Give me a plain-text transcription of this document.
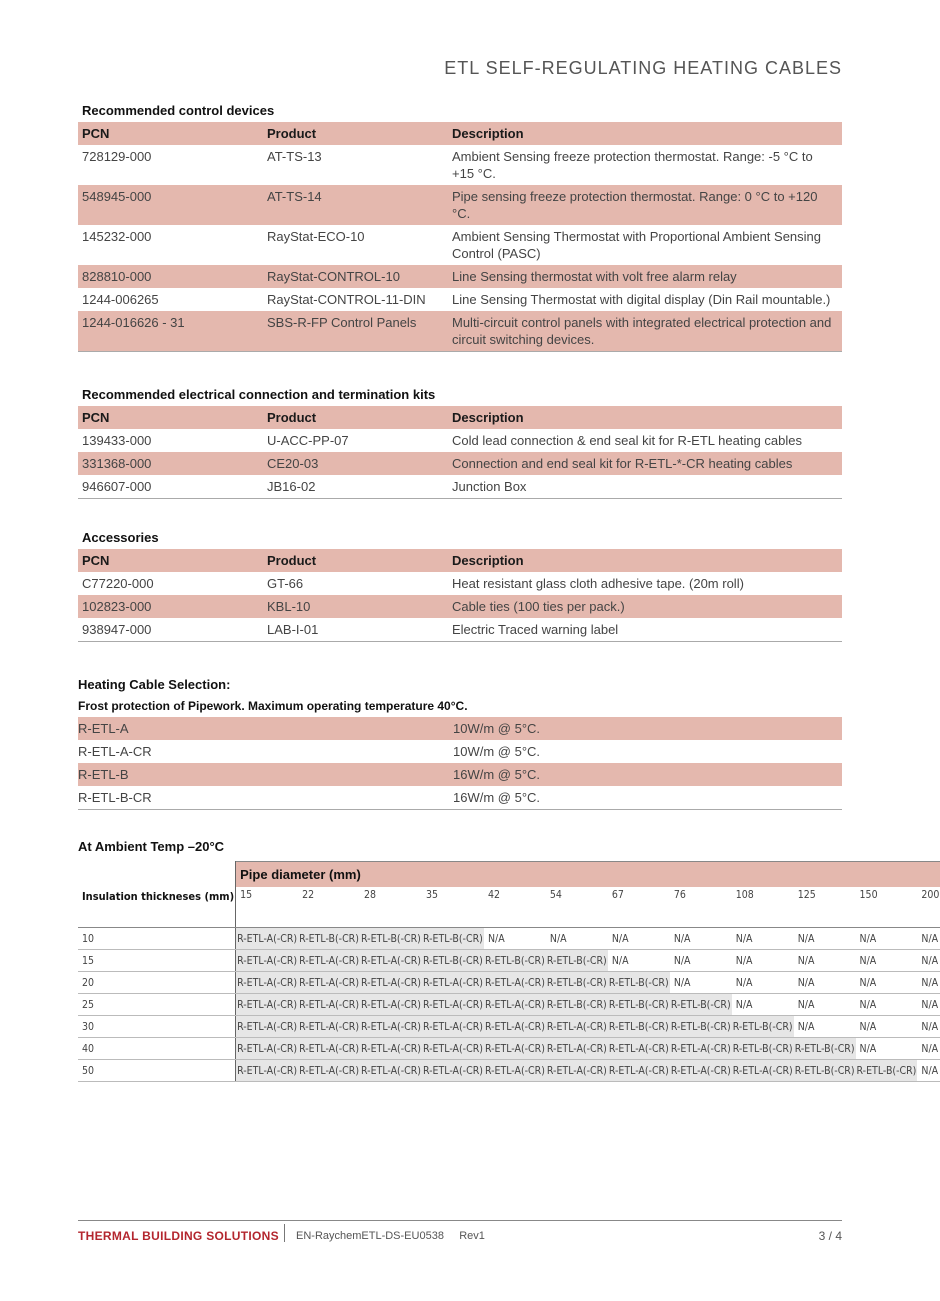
ETL SELF-REGULATING HEATING CABLES
Recommended control devices
PCN	Product	Description
728129-000	AT-TS-13	Ambient Sensing freeze protection thermostat. Range: -5 °C to +15 °C.
548945-000	AT-TS-14	Pipe sensing freeze protection thermostat. Range: 0 °C to +120 °C.
145232-000	RayStat-ECO-10	Ambient Sensing Thermostat with Proportional Ambient Sensing Control (PASC)
828810-000	RayStat-CONTROL-10	Line Sensing thermostat with volt free alarm relay
1244-006265	RayStat-CONTROL-11-DIN	Line Sensing Thermostat with digital display (Din Rail mountable.)
1244-016626 - 31	SBS-R-FP Control Panels	Multi-circuit control panels with integrated electrical protection and circuit switching devices.
Recommended electrical connection and termination kits
PCN	Product	Description
139433-000	U-ACC-PP-07	Cold lead connection & end seal kit for R-ETL heating cables
331368-000	CE20-03	Connection and end seal kit for R-ETL-*-CR heating cables
946607-000	JB16-02	Junction Box
Accessories
PCN	Product	Description
C77220-000	GT-66	Heat resistant glass cloth adhesive tape. (20m roll)
102823-000	KBL-10	Cable ties (100 ties per pack.)
938947-000	LAB-I-01	Electric Traced warning label
Heating Cable Selection:
Frost protection of Pipework. Maximum operating temperature 40°C.
R-ETL-A	10W/m @ 5°C.
R-ETL-A-CR	10W/m @ 5°C.
R-ETL-B	16W/m @ 5°C.
R-ETL-B-CR	16W/m @ 5°C.
At Ambient Temp –20°C
	Pipe diameter (mm)											
Insulation thickneses (mm)	15	22	28	35	42	54	67	76	108	125	150	200
10	R-ETL-A(-CR)	R-ETL-B(-CR)	R-ETL-B(-CR)	R-ETL-B(-CR)	N/A	N/A	N/A	N/A	N/A	N/A	N/A	N/A
15	R-ETL-A(-CR)	R-ETL-A(-CR)	R-ETL-A(-CR)	R-ETL-B(-CR)	R-ETL-B(-CR)	R-ETL-B(-CR)	N/A	N/A	N/A	N/A	N/A	N/A
20	R-ETL-A(-CR)	R-ETL-A(-CR)	R-ETL-A(-CR)	R-ETL-A(-CR)	R-ETL-A(-CR)	R-ETL-B(-CR)	R-ETL-B(-CR)	N/A	N/A	N/A	N/A	N/A
25	R-ETL-A(-CR)	R-ETL-A(-CR)	R-ETL-A(-CR)	R-ETL-A(-CR)	R-ETL-A(-CR)	R-ETL-B(-CR)	R-ETL-B(-CR)	R-ETL-B(-CR)	N/A	N/A	N/A	N/A
30	R-ETL-A(-CR)	R-ETL-A(-CR)	R-ETL-A(-CR)	R-ETL-A(-CR)	R-ETL-A(-CR)	R-ETL-A(-CR)	R-ETL-B(-CR)	R-ETL-B(-CR)	R-ETL-B(-CR)	N/A	N/A	N/A
40	R-ETL-A(-CR)	R-ETL-A(-CR)	R-ETL-A(-CR)	R-ETL-A(-CR)	R-ETL-A(-CR)	R-ETL-A(-CR)	R-ETL-A(-CR)	R-ETL-A(-CR)	R-ETL-B(-CR)	R-ETL-B(-CR)	N/A	N/A
50	R-ETL-A(-CR)	R-ETL-A(-CR)	R-ETL-A(-CR)	R-ETL-A(-CR)	R-ETL-A(-CR)	R-ETL-A(-CR)	R-ETL-A(-CR)	R-ETL-A(-CR)	R-ETL-A(-CR)	R-ETL-B(-CR)	R-ETL-B(-CR)	N/A
THERMAL BUILDING SOLUTIONS EN-RaychemETL-DS-EU0538     Rev1	3 / 4
